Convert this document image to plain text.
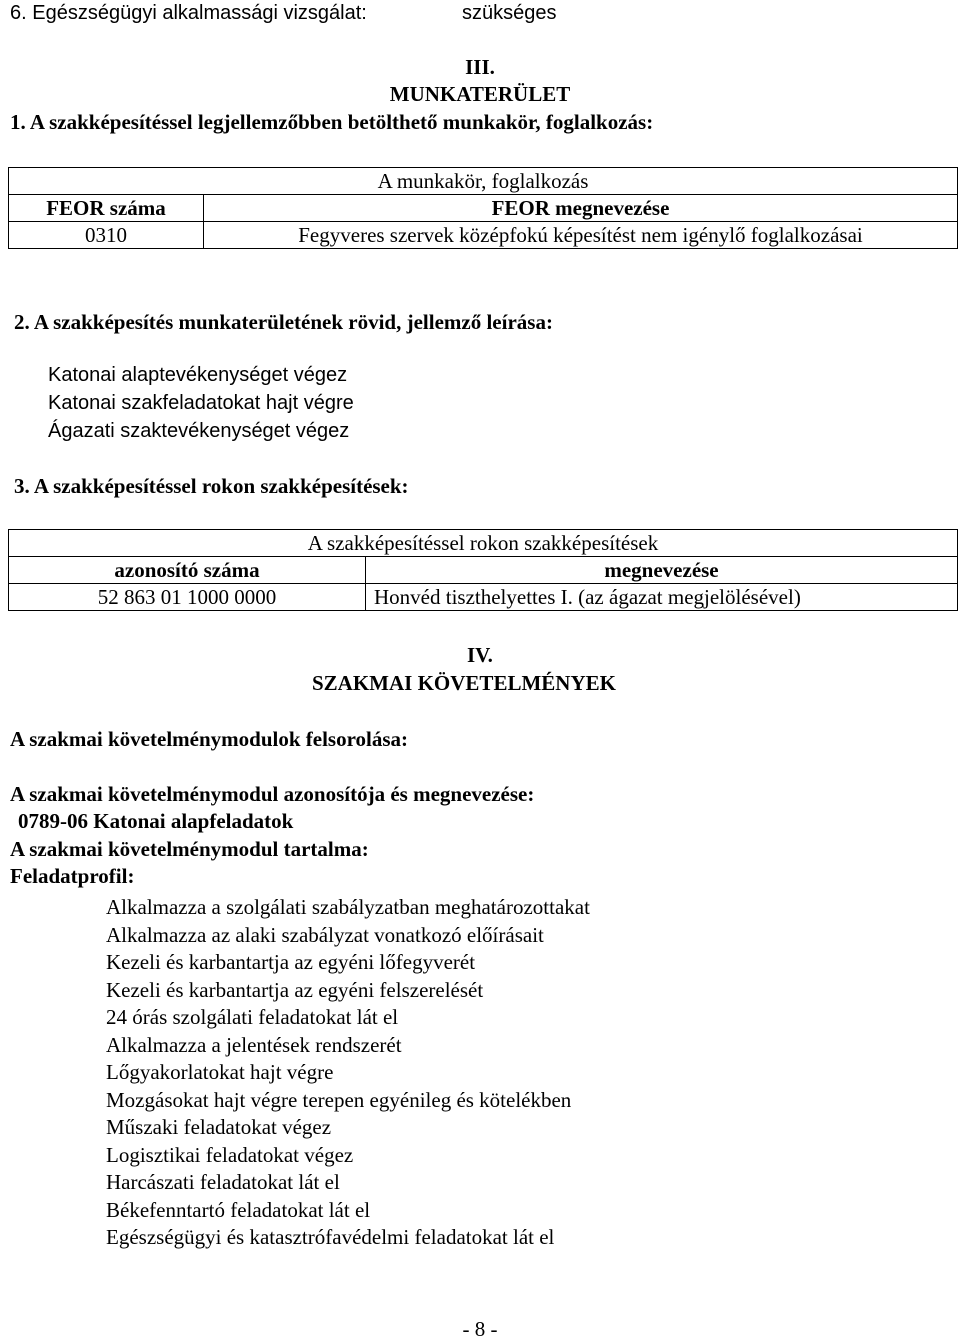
6. Egészségügyi alkalmassági vizsgálat:	szükséges
III.
MUNKATERÜLET
1. A szakképesítéssel legjellemzőbben betölthető munkakör, foglalkozás:
A munkakör, foglalkozás	
FEOR száma	FEOR megnevezése
0310	Fegyveres szervek középfokú képesítést nem igénylő foglalkozásai
2. A szakképesítés munkaterületének rövid, jellemző leírása:
Katonai alaptevékenységet végez
Katonai szakfeladatokat hajt végre
Ágazati szaktevékenységet végez
3. A szakképesítéssel rokon szakképesítések:
A szakképesítéssel rokon szakképesítések	
azonosító száma	megnevezése
52 863 01 1000 0000	Honvéd tiszthelyettes I. (az ágazat megjelölésével)
IV.
SZAKMAI KÖVETELMÉNYEK
A szakmai követelménymodulok felsorolása:
A szakmai követelménymodul azonosítója és megnevezése:
0789-06 Katonai alapfeladatok
A szakmai követelménymodul tartalma:
Feladatprofil:
Alkalmazza a szolgálati szabályzatban meghatározottakat
Alkalmazza az alaki szabályzat vonatkozó előírásait
Kezeli és karbantartja az egyéni lőfegyverét
Kezeli és karbantartja az egyéni felszerelését
24 órás szolgálati feladatokat lát el
Alkalmazza a jelentések rendszerét
Lőgyakorlatokat hajt végre
Mozgásokat hajt végre terepen egyénileg és kötelékben
Műszaki feladatokat végez
Logisztikai feladatokat végez
Harcászati feladatokat lát el
Békefenntartó feladatokat lát el
Egészségügyi és katasztrófavédelmi feladatokat lát el
- 8 -
